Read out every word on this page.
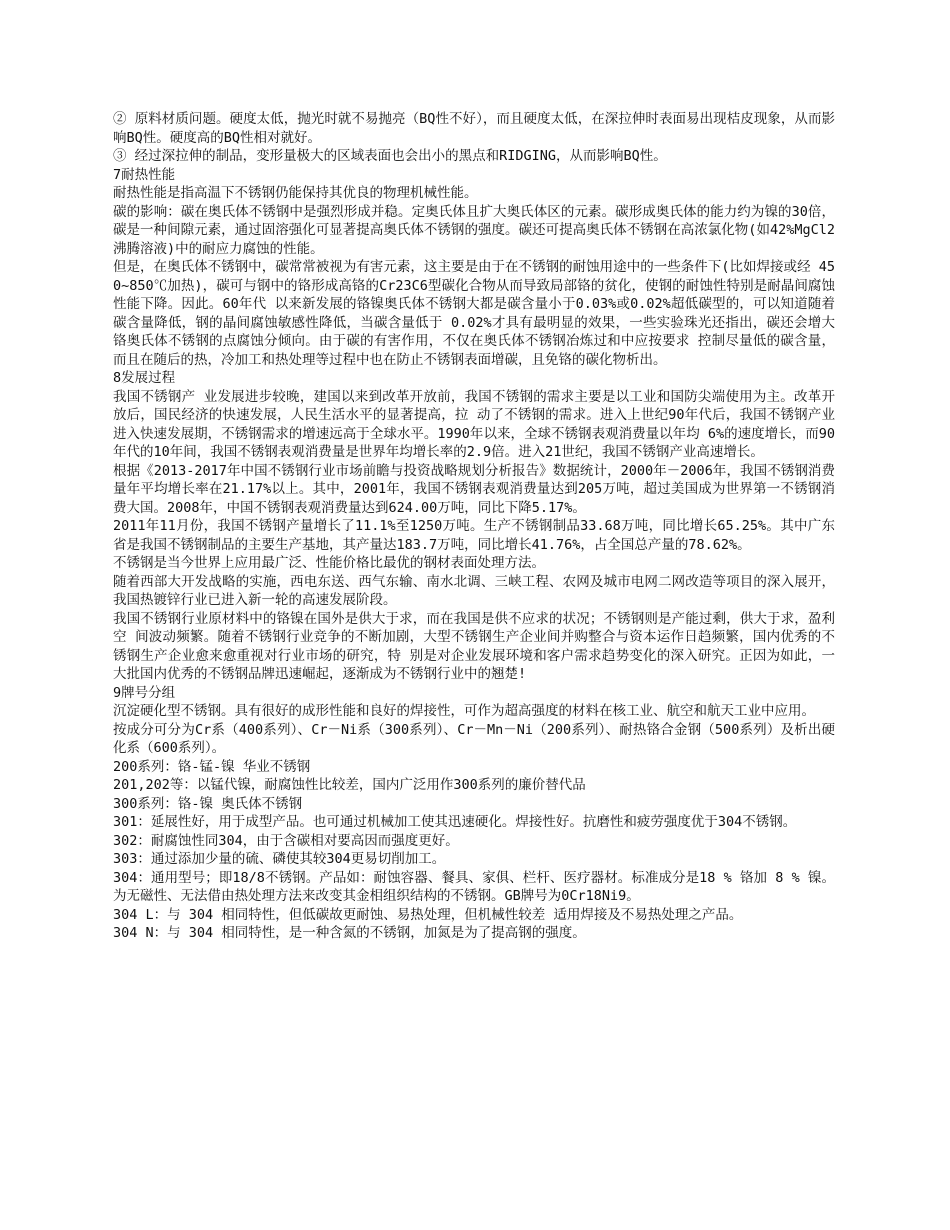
② 原料材质问题。硬度太低，抛光时就不易抛亮（BQ性不好），而且硬度太低，在深拉伸时表面易出现桔皮现象，从而影响BQ性。硬度高的BQ性相对就好。

③ 经过深拉伸的制品，变形量极大的区域表面也会出小的黑点和RIDGING，从而影响BQ性。

7耐热性能

耐热性能是指高温下不锈钢仍能保持其优良的物理机械性能。

碳的影响：碳在奥氏体不锈钢中是强烈形成并稳。定奥氏体且扩大奥氏体区的元素。碳形成奥氏体的能力约为镍的30倍，碳是一种间隙元素，通过固溶强化可显著提高奥氏体不锈钢的强度。碳还可提高奥氏体不锈钢在高浓氯化物(如42%MgCl2沸腾溶液)中的耐应力腐蚀的性能。

但是，在奥氏体不锈钢中，碳常常被视为有害元素，这主要是由于在不锈钢的耐蚀用途中的一些条件下(比如焊接或经 450~850℃加热)，碳可与钢中的铬形成高铬的Cr23C6型碳化合物从而导致局部铬的贫化，使钢的耐蚀性特别是耐晶间腐蚀性能下降。因此。60年代 以来新发展的铬镍奥氏体不锈钢大都是碳含量小于0.03%或0.02%超低碳型的，可以知道随着碳含量降低，钢的晶间腐蚀敏感性降低，当碳含量低于 0.02%才具有最明显的效果，一些实验珠光还指出，碳还会增大铬奥氏体不锈钢的点腐蚀分倾向。由于碳的有害作用，不仅在奥氏体不锈钢冶炼过和中应按要求 控制尽量低的碳含量，而且在随后的热，冷加工和热处理等过程中也在防止不锈钢表面增碳，且免铬的碳化物析出。

8发展过程

我国不锈钢产 业发展进步较晚，建国以来到改革开放前，我国不锈钢的需求主要是以工业和国防尖端使用为主。改革开放后，国民经济的快速发展，人民生活水平的显著提高，拉 动了不锈钢的需求。进入上世纪90年代后，我国不锈钢产业进入快速发展期，不锈钢需求的增速远高于全球水平。1990年以来，全球不锈钢表观消费量以年均 6%的速度增长，而90年代的10年间，我国不锈钢表观消费量是世界年均增长率的2.9倍。进入21世纪，我国不锈钢产业高速增长。

根据《2013-2017年中国不锈钢行业市场前瞻与投资战略规划分析报告》数据统计，2000年－2006年，我国不锈钢消费量年平均增长率在21.17%以上。其中，2001年，我国不锈钢表观消费量达到205万吨，超过美国成为世界第一不锈钢消费大国。2008年，中国不锈钢表观消费量达到624.00万吨，同比下降5.17%。

2011年11月份，我国不锈钢产量增长了11.1%至1250万吨。生产不锈钢制品33.68万吨，同比增长65.25%。其中广东省是我国不锈钢制品的主要生产基地，其产量达183.7万吨，同比增长41.76%，占全国总产量的78.62%。

不锈钢是当今世界上应用最广泛、性能价格比最优的钢材表面处理方法。

随着西部大开发战略的实施，西电东送、西气东输、南水北调、三峡工程、农网及城市电网二网改造等项目的深入展开，我国热镀锌行业已进入新一轮的高速发展阶段。

我国不锈钢行业原材料中的铬镍在国外是供大于求，而在我国是供不应求的状况；不锈钢则是产能过剩，供大于求，盈利空 间波动频繁。随着不锈钢行业竞争的不断加剧，大型不锈钢生产企业间并购整合与资本运作日趋频繁，国内优秀的不锈钢生产企业愈来愈重视对行业市场的研究，特 别是对企业发展环境和客户需求趋势变化的深入研究。正因为如此，一大批国内优秀的不锈钢品牌迅速崛起，逐渐成为不锈钢行业中的翘楚!

9牌号分组

沉淀硬化型不锈钢。具有很好的成形性能和良好的焊接性，可作为超高强度的材料在核工业、航空和航天工业中应用。

按成分可分为Cr系（400系列）、Cr－Ni系（300系列）、Cr－Mn－Ni（200系列）、耐热铬合金钢（500系列）及析出硬化系（600系列）。

200系列：铬-锰-镍 华业不锈钢

201,202等：以锰代镍，耐腐蚀性比较差，国内广泛用作300系列的廉价替代品

300系列：铬-镍 奥氏体不锈钢

301：延展性好，用于成型产品。也可通过机械加工使其迅速硬化。焊接性好。抗磨性和疲劳强度优于304不锈钢。

302：耐腐蚀性同304，由于含碳相对要高因而强度更好。

303：通过添加少量的硫、磷使其较304更易切削加工。

304：通用型号；即18/8不锈钢。产品如：耐蚀容器、餐具、家俱、栏杆、医疗器材。标准成分是18 % 铬加 8 % 镍。为无磁性、无法借由热处理方法来改变其金相组织结构的不锈钢。GB牌号为0Cr18Ni9。

304 L：与 304 相同特性，但低碳故更耐蚀、易热处理，但机械性较差 适用焊接及不易热处理之产品。

304 N：与 304 相同特性，是一种含氮的不锈钢，加氮是为了提高钢的强度。
